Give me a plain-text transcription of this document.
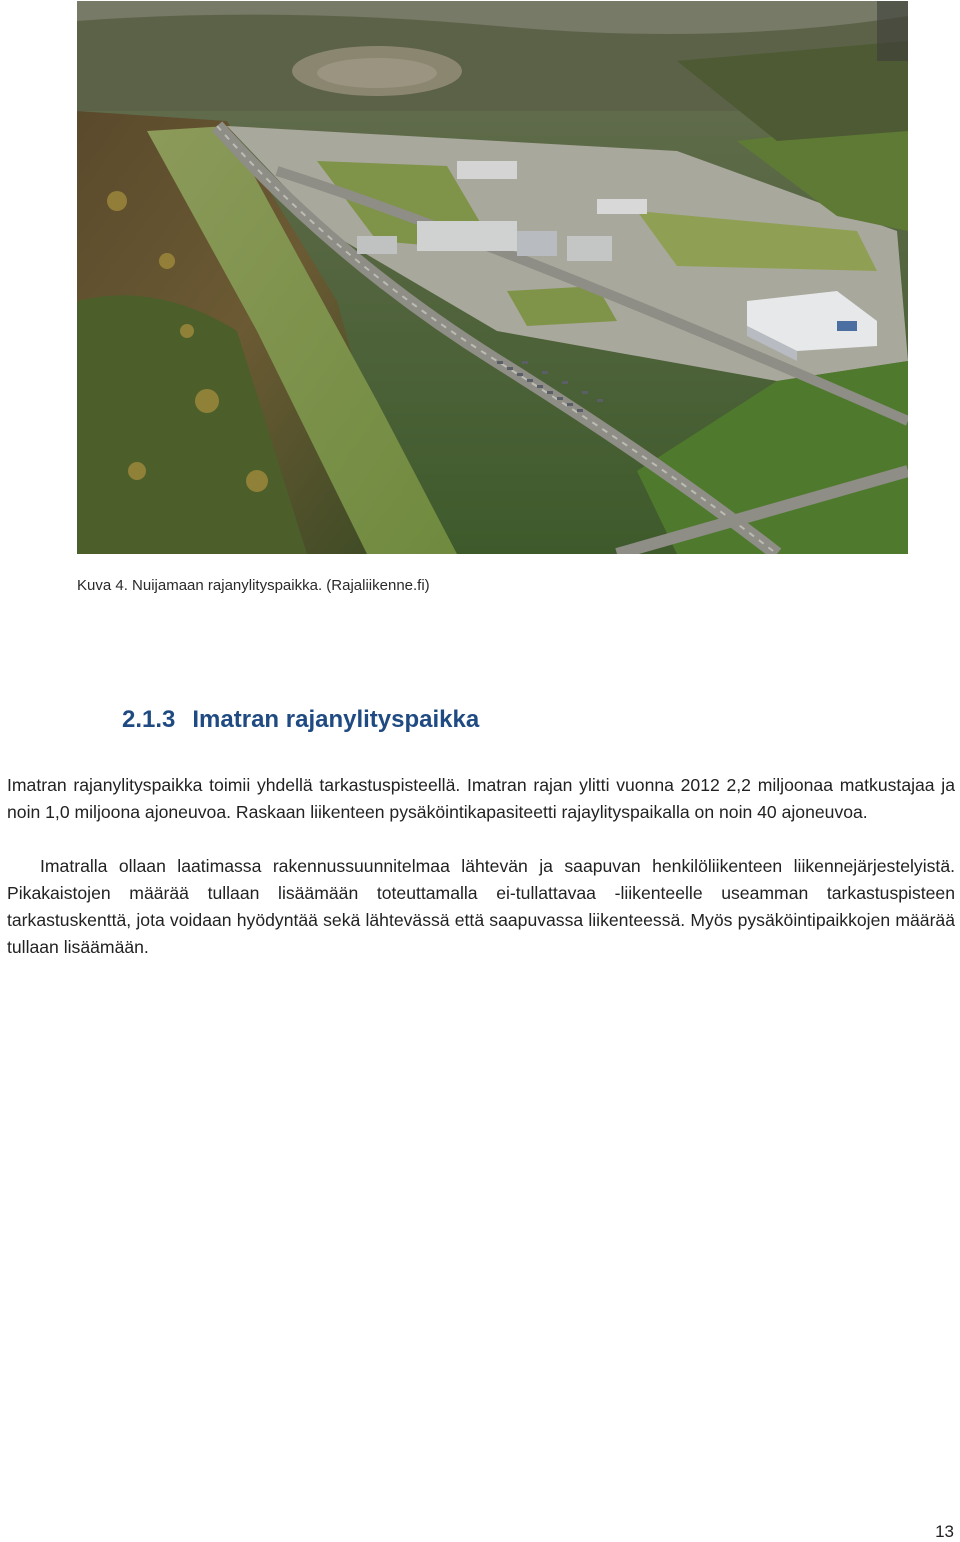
Kuva 4. Nuijamaan rajanylityspaikka. (Rajaliikenne.fi)
2.1.3 Imatran rajanylityspaikka

Imatran rajanylityspaikka toimii yhdellä tarkastuspisteellä. Imatran rajan ylitti vuonna 2012 2,2 miljoonaa matkustajaa ja noin 1,0 miljoona ajoneuvoa. Raskaan liikenteen pysäköintikapasiteetti rajaylityspaikalla on noin 40 ajoneuvoa.

Imatralla ollaan laatimassa rakennussuunnitelmaa lähtevän ja saapuvan henkilöliikenteen liikennejärjestelyistä. Pikakaistojen määrää tullaan lisäämään toteuttamalla ei-tullattavaa -liikenteelle useamman tarkastuspisteen tarkastuskenttä, jota voidaan hyödyntää sekä lähtevässä että saapuvassa liikenteessä. Myös pysäköintipaikkojen määrää tullaan lisäämään.

13
